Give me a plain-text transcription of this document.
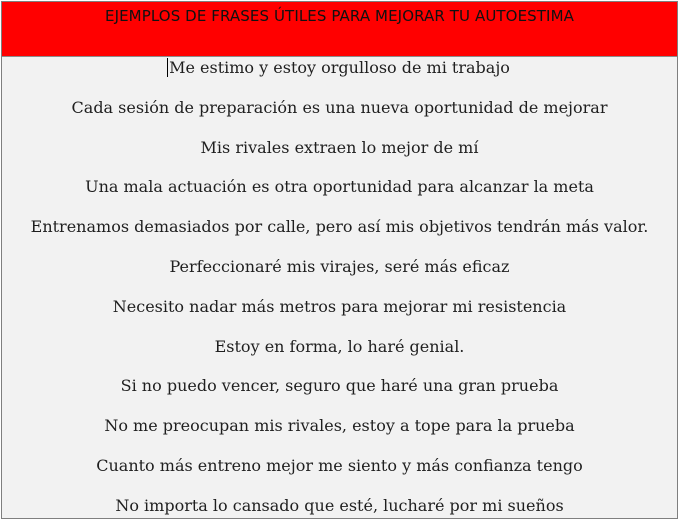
EJEMPLOS DE FRASES ÚTILES PARA MEJORAR TU AUTOESTIMA
Me estimo y estoy orgulloso de mi trabajo
Cada sesión de preparación es una nueva oportunidad de mejorar
Mis rivales extraen lo mejor de mí
Una mala actuación es otra oportunidad para alcanzar la meta
Entrenamos demasiados por calle, pero así mis objetivos tendrán más valor.
Perfeccionaré mis virajes, seré más eficaz
Necesito nadar más metros para mejorar mi resistencia
Estoy en forma, lo haré genial.
Si no puedo vencer, seguro que haré una gran prueba
No me preocupan mis rivales, estoy a tope para la prueba
Cuanto más entreno mejor me siento y más confianza tengo
No importa lo cansado que esté, lucharé por mi sueños
